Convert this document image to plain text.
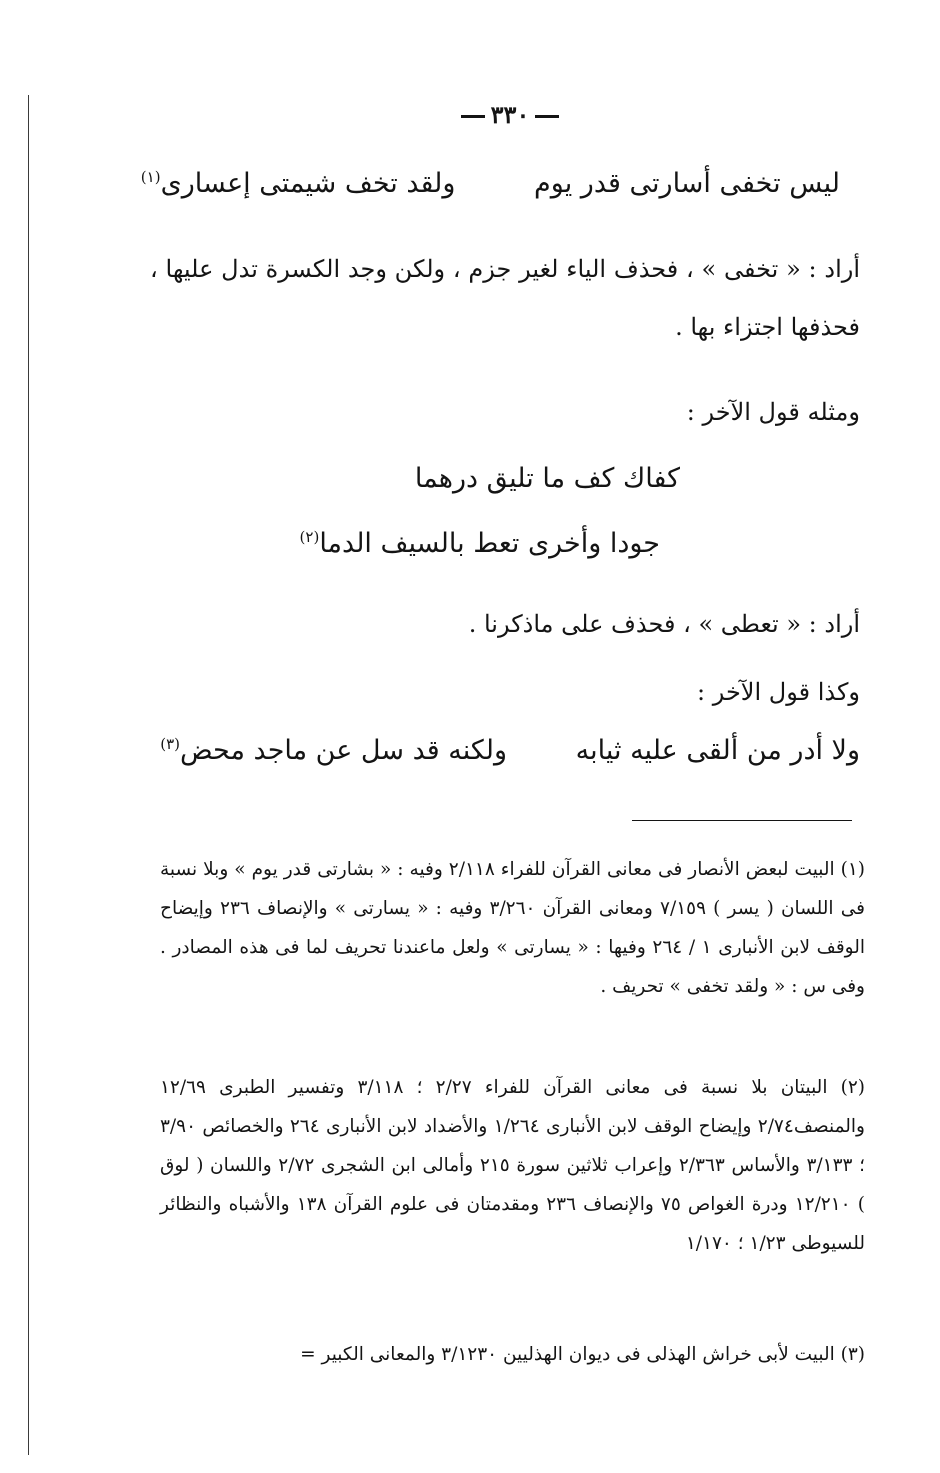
٣٣٠
ليس تخفى أسارتى قدر يوم ولقد تخف شيمتى إعسارى$^{(١)}$
أراد : « تخفى » ، فحذف الياء لغير جزم ، ولكن وجد الكسرة تدل عليها ، فحذفها اجتزاء بها .
ومثله قول الآخر :
كفاك كف ما تليق درهما
جودا وأخرى تعط بالسيف الدما$^{(٢)}$
أراد : « تعطى » ، فحذف على ماذكرنا .
وكذا قول الآخر :
ولا أدر من ألقى عليه ثيابه ولكنه قد سل عن ماجد محض$^{(٣)}$
(١) البيت لبعض الأنصار فى معانى القرآن للفراء ٢/١١٨ وفيه : « بشارتى قدر يوم » وبلا نسبة فى اللسان ( يسر ) ٧/١٥٩ ومعانى القرآن ٣/٢٦٠ وفيه : « يسارتى » والإنصاف ٢٣٦ وإيضاح الوقف لابن الأنبارى ١ / ٢٦٤ وفيها : « يسارتى » ولعل ماعندنا تحريف لما فى هذه المصادر . وفى س : « ولقد تخفى » تحريف .
(٢) البيتان بلا نسبة فى معانى القرآن للفراء ٢/٢٧ ؛ ٣/١١٨ وتفسير الطبرى ١٢/٦٩ والمنصف٢/٧٤ وإيضاح الوقف لابن الأنبارى ١/٢٦٤ والأضداد لابن الأنبارى ٢٦٤ والخصائص ٣/٩٠ ؛ ٣/١٣٣ والأساس ٢/٣٦٣ وإعراب ثلاثين سورة ٢١٥ وأمالى ابن الشجرى ٢/٧٢ واللسان ( لوق ) ١٢/٢١٠ ودرة الغواص ٧٥ والإنصاف ٢٣٦ ومقدمتان فى علوم القرآن ١٣٨ والأشباه والنظائر للسيوطى ١/٢٣ ؛ ١/١٧٠
(٣) البيت لأبى خراش الهذلى فى ديوان الهذليين ٣/١٢٣٠ والمعانى الكبير =
